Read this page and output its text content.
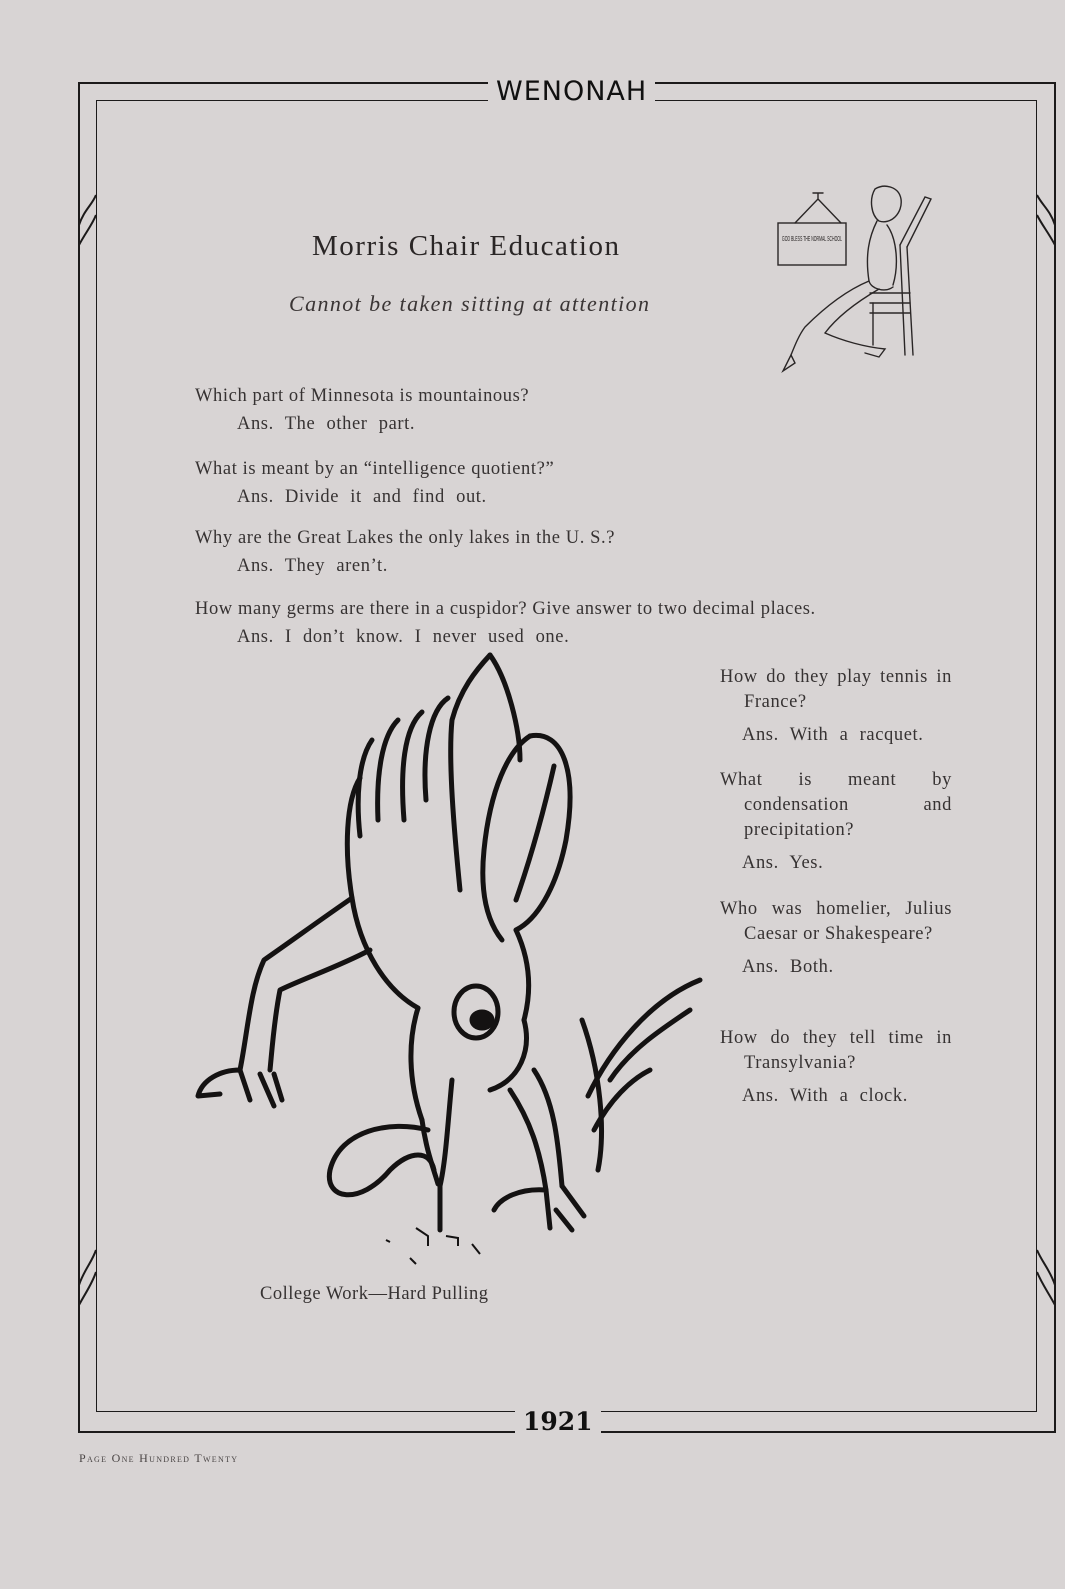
WENONAH
Morris Chair Education
Cannot be taken sitting at attention
GOD BLESS THE NORMAL SCHOOL
Which part of Minnesota is mountainous?
Ans. The other part.
What is meant by an “intelligence quotient?”
Ans. Divide it and find out.
Why are the Great Lakes the only lakes in the U. S.?
Ans. They aren’t.
How many germs are there in a cuspidor? Give answer to two decimal places.
Ans. I don’t know. I never used one.
How do they play tennis in France?
Ans. With a racquet.
What is meant by condensation and precipitation?
Ans. Yes.
Who was homelier, Julius Caesar or Shakespeare?
Ans. Both.
How do they tell time in Transylvania?
Ans. With a clock.
College Work—Hard Pulling
1921
Page One Hundred Twenty
